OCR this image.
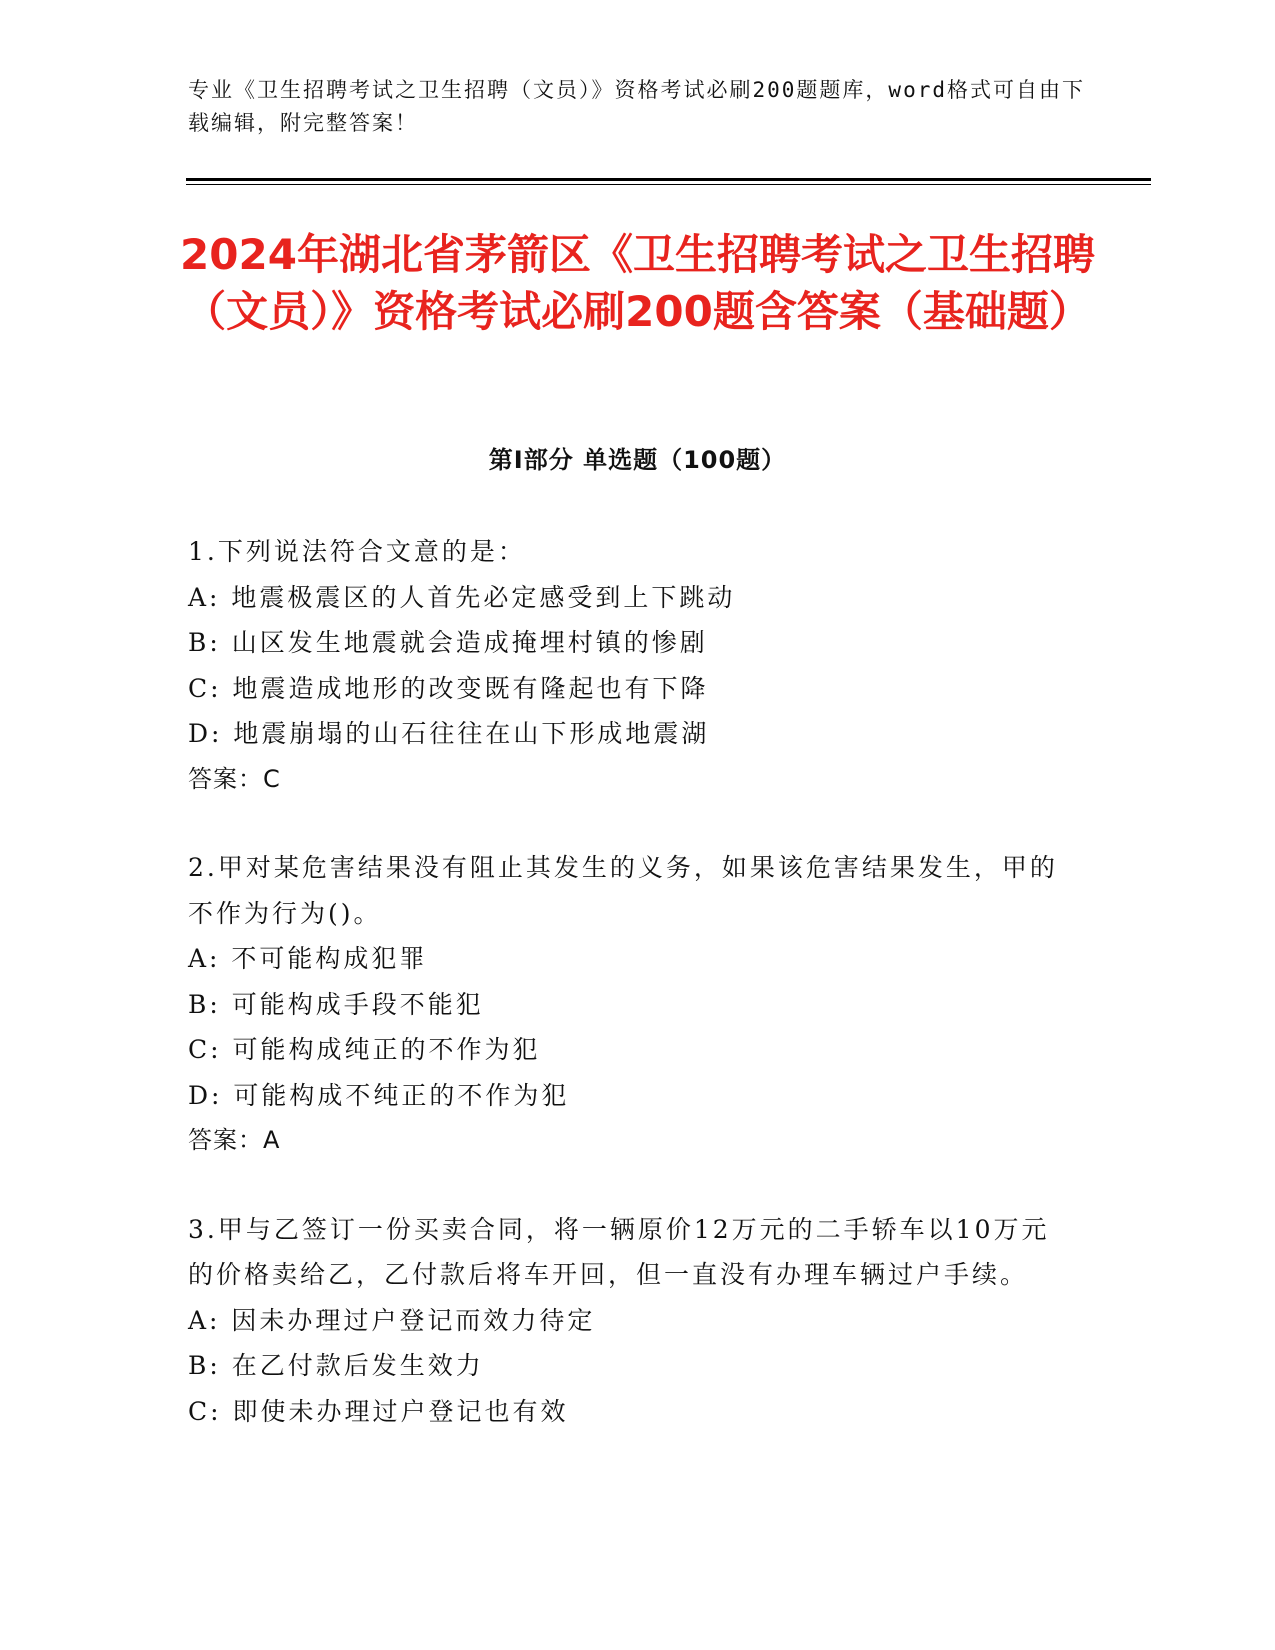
专业《卫生招聘考试之卫生招聘（文员）》资格考试必刷200题题库，word格式可自由下载编辑，附完整答案！
2024年湖北省茅箭区《卫生招聘考试之卫生招聘（文员）》资格考试必刷200题含答案（基础题）
第Ⅰ部分 单选题（100题）
1.下列说法符合文意的是：
A: 地震极震区的人首先必定感受到上下跳动
B: 山区发生地震就会造成掩埋村镇的惨剧
C: 地震造成地形的改变既有隆起也有下降
D: 地震崩塌的山石往往在山下形成地震湖
答案：C
2.甲对某危害结果没有阻止其发生的义务，如果该危害结果发生，甲的不作为行为()。
A: 不可能构成犯罪
B: 可能构成手段不能犯
C: 可能构成纯正的不作为犯
D: 可能构成不纯正的不作为犯
答案：A
3.甲与乙签订一份买卖合同，将一辆原价12万元的二手轿车以10万元的价格卖给乙，乙付款后将车开回，但一直没有办理车辆过户手续。
A: 因未办理过户登记而效力待定
B: 在乙付款后发生效力
C: 即使未办理过户登记也有效
